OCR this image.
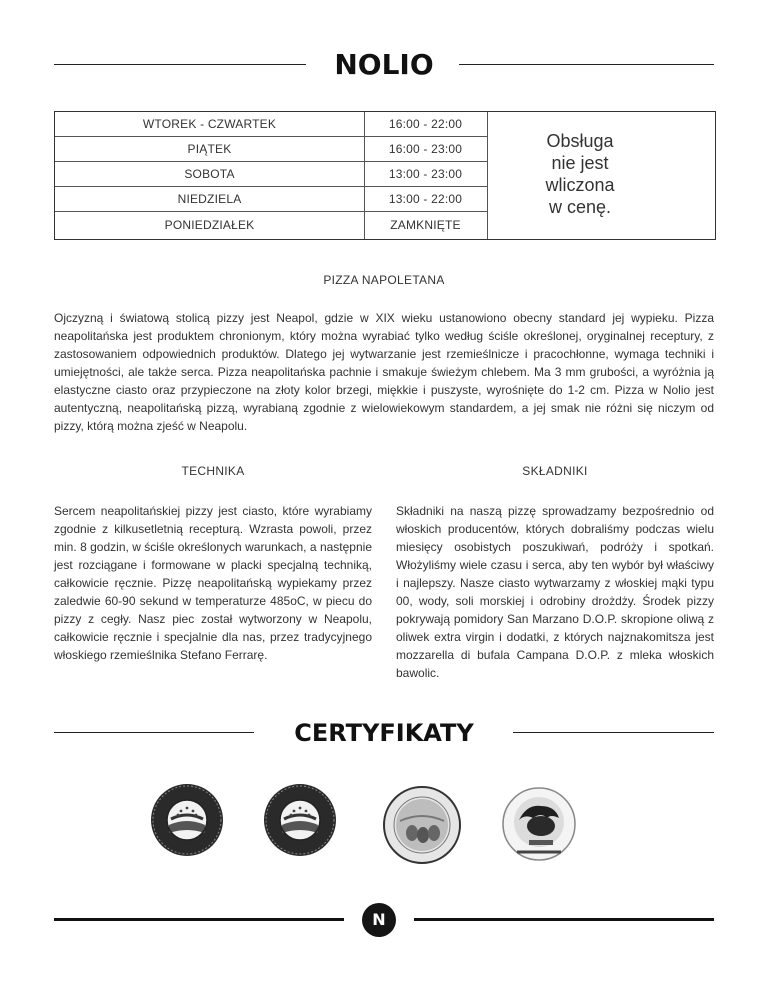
NOLIO
WTOREK - CZWARTEK	16:00 - 22:00
PIĄTEK	16:00 - 23:00
SOBOTA	13:00 - 23:00
NIEDZIELA	13:00 - 22:00
PONIEDZIAŁEK	ZAMKNIĘTE
Obsługa
nie jest
wliczona
w cenę.
PIZZA NAPOLETANA

Ojczyzną i światową stolicą pizzy jest Neapol, gdzie w XIX wieku ustanowiono obecny standard jej wypieku. Pizza neapolitańska jest produktem chronionym, który można wyrabiać tylko według ściśle określonej, oryginalnej receptury, z zastosowaniem odpowiednich produktów. Dlatego jej wytwarzanie jest rzemieślnicze i pracochłonne, wymaga techniki i umiejętności, ale także serca. Pizza neapolitańska pachnie i smakuje świeżym chlebem. Ma 3 mm grubości, a wyróżnia ją elastyczne ciasto oraz przypieczone na złoty kolor brzegi, miękkie i puszyste, wyrośnięte do 1-2 cm. Pizza w Nolio jest autentyczną, neapolitańską pizzą, wyrabianą zgodnie z wielowiekowym standardem, a jej smak nie różni się niczym od pizzy, którą można zjeść w Neapolu.

TECHNIKA

Sercem neapolitańskiej pizzy jest ciasto, które wyrabiamy zgodnie z kilkusetletnią recepturą. Wzrasta powoli, przez min. 8 godzin, w ściśle określonych warunkach, a następnie jest rozciągane i formowane w placki specjalną techniką, całkowicie ręcznie. Pizzę neapolitańską wypiekamy przez zaledwie 60-90 sekund w temperaturze 485oC, w piecu do pizzy z cegły. Nasz piec został wytworzony w Neapolu, całkowicie ręcznie i specjalnie dla nas, przez tradycyjnego włoskiego rzemieślnika Stefano Ferrarę.

SKŁADNIKI

Składniki na naszą pizzę sprowadzamy bezpośrednio od włoskich producentów, których dobraliśmy podczas wielu miesięcy osobistych poszukiwań, podróży i spotkań. Włożyliśmy wiele czasu i serca, aby ten wybór był właściwy i najlepszy. Nasze ciasto wytwarzamy z włoskiej mąki typu 00, wody, soli morskiej i odrobiny drożdży. Środek pizzy pokrywają pomidory San Marzano D.O.P. skropione oliwą z oliwek extra virgin i dodatki, z których najznakomitsza jest mozzarella di bufala Campana D.O.P. z mleka włoskich bawolic.

CERTYFIKATY
N
